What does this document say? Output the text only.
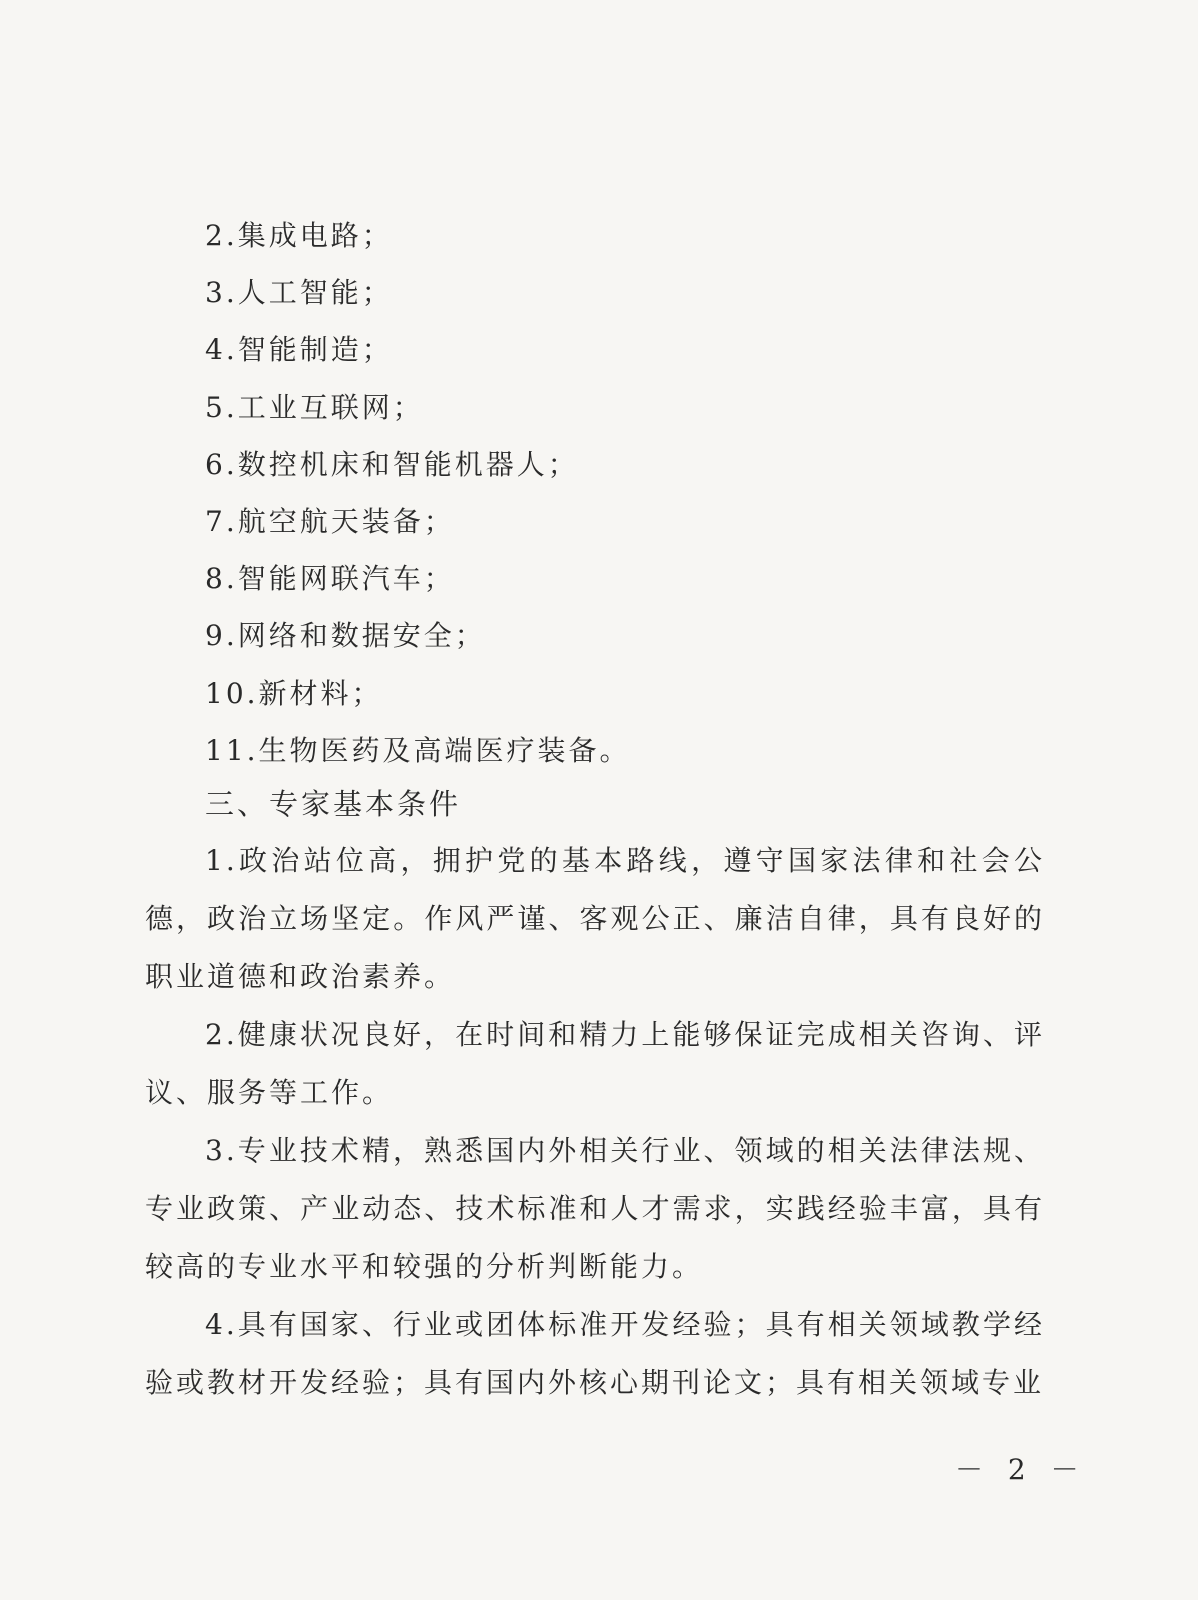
2.集成电路；
3.人工智能；
4.智能制造；
5.工业互联网；
6.数控机床和智能机器人；
7.航空航天装备；
8.智能网联汽车；
9.网络和数据安全；
10.新材料；
11.生物医药及高端医疗装备。
三、专家基本条件

1.政治站位高，拥护党的基本路线，遵守国家法律和社会公德，政治立场坚定。作风严谨、客观公正、廉洁自律，具有良好的职业道德和政治素养。

2.健康状况良好，在时间和精力上能够保证完成相关咨询、评议、服务等工作。

3.专业技术精，熟悉国内外相关行业、领域的相关法律法规、专业政策、产业动态、技术标准和人才需求，实践经验丰富，具有较高的专业水平和较强的分析判断能力。

4.具有国家、行业或团体标准开发经验；具有相关领域教学经验或教材开发经验；具有国内外核心期刊论文；具有相关领域专业

－ 2 －
